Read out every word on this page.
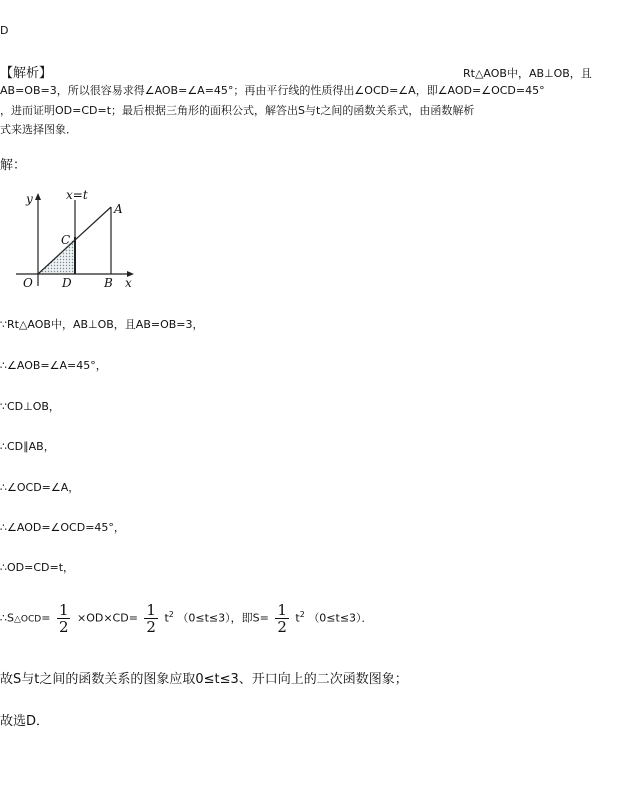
D
【解析】	Rt△AOB中，AB⊥OB，且
AB=OB=3，所以很容易求得∠AOB=∠A=45°；再由平行线的性质得出∠OCD=∠A，即∠AOD=∠OCD=45°
，进而证明OD=CD=t；最后根据三角形的面积公式，解答出S与t之间的函数关系式，由函数解析
式来选择图象．
解：
y	x=t
A
C
O D	B x
∵Rt△AOB中，AB⊥OB，且AB=OB=3，
∴∠AOB=∠A=45°，
∵CD⊥OB，
∴CD∥AB，
∴∠OCD=∠A，
∴∠AOD=∠OCD=45°，
∴OD=CD=t，
∴S△OCD= $\frac{1}{2} \times OD\times CD= \frac{1}{2} t^2$ （0≤t≤3），即$S= \frac{1}{2} t^2$ （0≤t≤3）．
故S与t之间的函数关系的图象应取0≤t≤3、开口向上的二次函数图象；
故选D．
